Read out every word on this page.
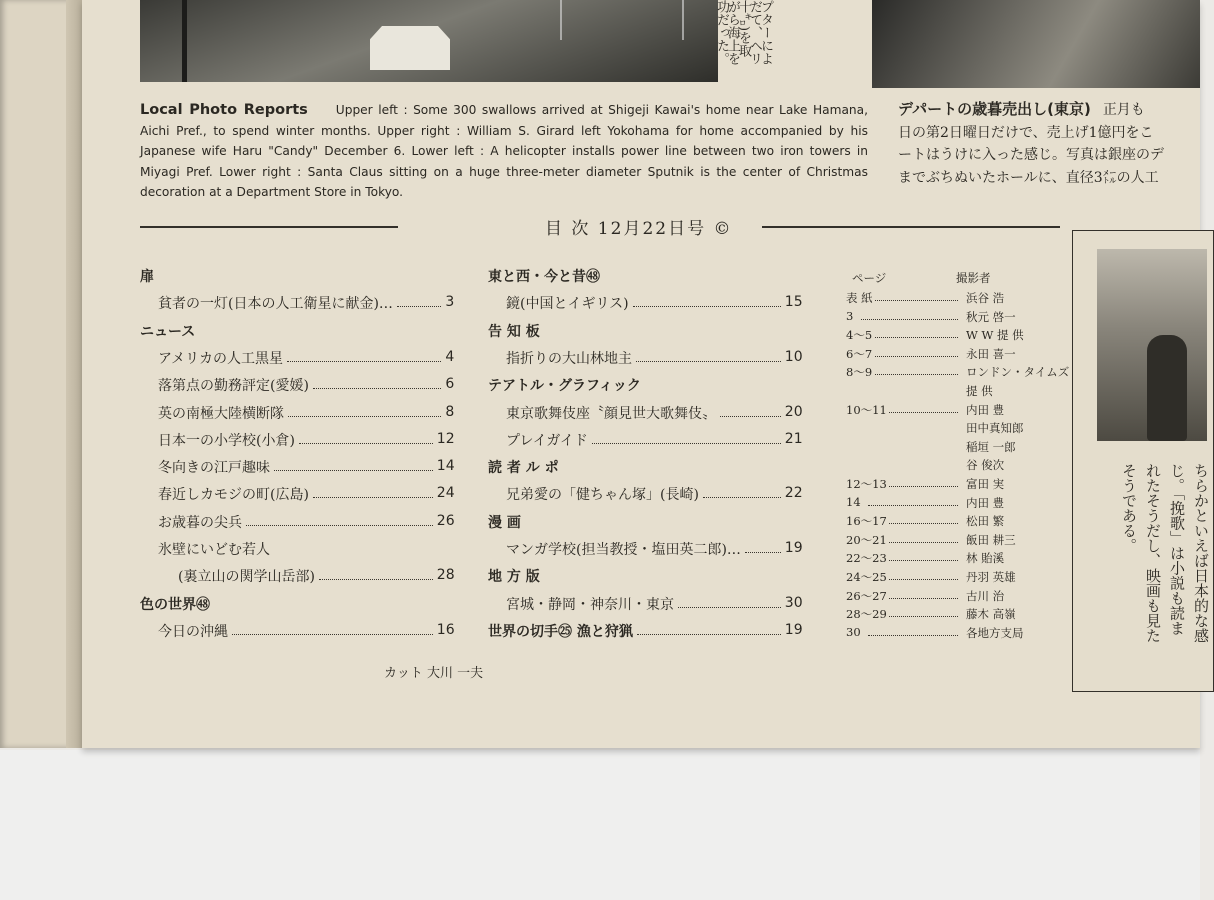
プターによ
だて、ヘリ
十㌔)を取
がら海上を
功だった。
Local Photo Reports Upper left : Some 300 swallows arrived at Shigeji Kawai's home near Lake Hamana, Aichi Pref., to spend winter months. Upper right : William S. Girard left Yokohama for home accompanied by his Japanese wife Haru "Candy" December 6. Lower left : A helicopter installs power line between two iron towers in Miyagi Pref. Lower right : Santa Claus sitting on a huge three-meter diameter Sputnik is the center of Christmas decoration at a Department Store in Tokyo.
デパートの歳暮売出し(東京) 正月も
日の第2日曜日だけで、売上げ1億円をこ
ートはうけに入った感じ。写真は銀座のデ
までぶちぬいたホールに、直径3㍍の人工
目 次 12月22日号 ©
扉
貧者の一灯(日本の人工衛星に献金)…	3
ニュース
アメリカの人工黒星	4
落第点の勤務評定(愛媛)	6
英の南極大陸横断隊	8
日本一の小学校(小倉)	12
冬向きの江戸趣味	14
春近しカモジの町(広島)	24
お歳暮の尖兵	26
氷壁にいどむ若人
(裏立山の関学山岳部)	28
色の世界㊽
今日の沖縄	16
東と西・今と昔㊽
鏡(中国とイギリス)	15
告 知 板
指折りの大山林地主	10
テアトル・グラフィック
東京歌舞伎座〝顔見世大歌舞伎〟	20
プレイガイド	21
読 者 ル ポ
兄弟愛の「健ちゃん塚」(長崎)	22
漫 画
マンガ学校(担当教授・塩田英二郎)…	19
地 方 版
宮城・静岡・神奈川・東京	30
世界の切手㉕ 漁と狩猟	19
カット 大川 一夫
ページ	撮影者
表 紙	浜谷 浩
3	秋元 啓一
4〜5	W W 提 供
6〜7	永田 喜一
8〜9	ロンドン・タイムズ
提 供
10〜11	内田 豊
田中真知郎
稲垣 一郎
谷 俊次
12〜13	富田 実
14	内田 豊
16〜17	松田 繁
20〜21	飯田 耕三
22〜23	林 貽溪
24〜25	丹羽 英雄
26〜27	古川 治
28〜29	藤木 高嶺
30	各地方支局	ちらかといえば日本的な感
じ。「挽歌」は小説も読ま
れたそうだし、映画も見た
そうである。
